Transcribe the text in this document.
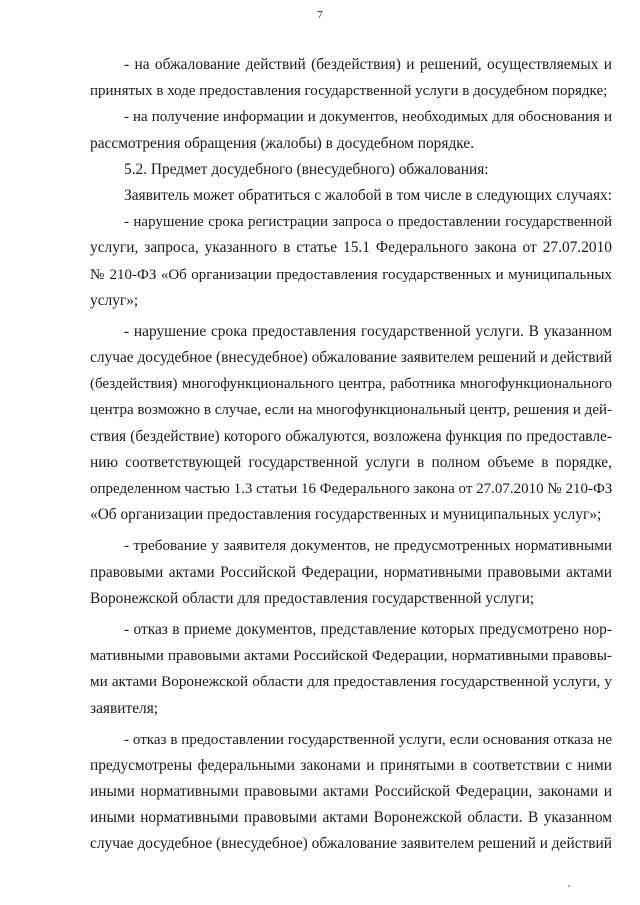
7
- на обжалование действий (бездействия) и решений, осуществляемых и
принятых в ходе предоставления государственной услуги в досудебном порядке;
- на получение информации и документов, необходимых для обоснования и
рассмотрения обращения (жалобы) в досудебном порядке.
5.2. Предмет досудебного (внесудебного) обжалования:
Заявитель может обратиться с жалобой в том числе в следующих случаях:
- нарушение срока регистрации запроса о предоставлении государственной
услуги, запроса, указанного в статье 15.1 Федерального закона от 27.07.2010
№ 210-ФЗ «Об организации предоставления государственных и муниципальных
услуг»;
- нарушение срока предоставления государственной услуги. В указанном
случае досудебное (внесудебное) обжалование заявителем решений и действий
(бездействия) многофункционального центра, работника многофункционального
центра возможно в случае, если на многофункциональный центр, решения и дей-
ствия (бездействие) которого обжалуются, возложена функция по предоставле-
нию соответствующей государственной услуги в полном объеме в порядке,
определенном частью 1.3 статьи 16 Федерального закона от 27.07.2010 № 210-ФЗ
«Об организации предоставления государственных и муниципальных услуг»;
- требование у заявителя документов, не предусмотренных нормативными
правовыми актами Российской Федерации, нормативными правовыми актами
Воронежской области для предоставления государственной услуги;
- отказ в приеме документов, представление которых предусмотрено нор-
мативными правовыми актами Российской Федерации, нормативными правовы-
ми актами Воронежской области для предоставления государственной услуги, у
заявителя;
- отказ в предоставлении государственной услуги, если основания отказа не
предусмотрены федеральными законами и принятыми в соответствии с ними
иными нормативными правовыми актами Российской Федерации, законами и
иными нормативными правовыми актами Воронежской области. В указанном
случае досудебное (внесудебное) обжалование заявителем решений и действий
